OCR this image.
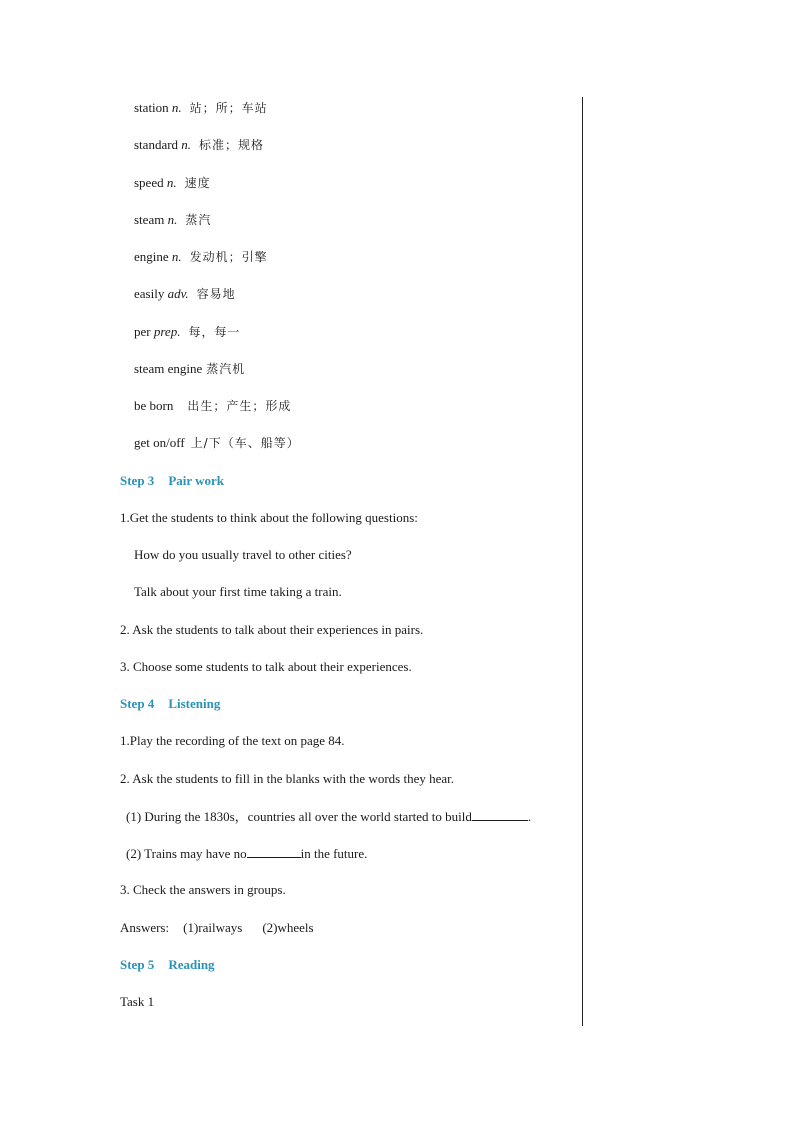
station n. 站；所；车站
standard n. 标准；规格
speed n. 速度
steam n. 蒸汽
engine n. 发动机；引擎
easily adv. 容易地
per prep. 每，每一
steam engine 蒸汽机
be born 出生；产生；形成
get on/off 上/下（车、船等）
Step 3 Pair work
1.Get the students to think about the following questions:
How do you usually travel to other cities?
Talk about your first time taking a train.
2. Ask the students to talk about their experiences in pairs.
3. Choose some students to talk about their experiences.
Step 4 Listening
1.Play the recording of the text on page 84.
2. Ask the students to fill in the blanks with the words they hear.
(1) During the 1830s，countries all over the world started to build	.
(2) Trains may have no	in the future.
3. Check the answers in groups.
Answers: (1)railways (2)wheels
Step 5 Reading
Task 1
